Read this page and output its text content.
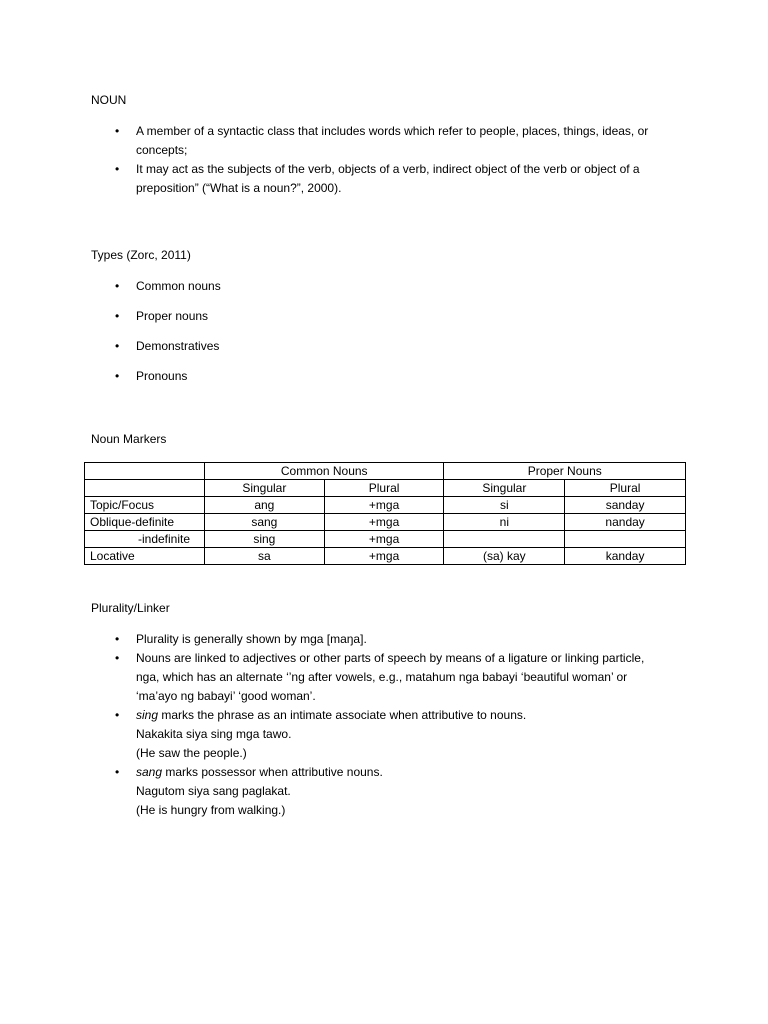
NOUN
• A member of a syntactic class that includes words which refer to people, places, things, ideas, or concepts;
• It may act as the subjects of the verb, objects of a verb, indirect object of the verb or object of a preposition” (“What is a noun?”, 2000).
Types (Zorc, 2011)
• Common nouns
• Proper nouns
• Demonstratives
• Pronouns
Noun Markers
	Common Nouns		Proper Nouns	
	Singular	Plural	Singular	Plural
Topic/Focus	ang	+mga	si	sanday
Oblique-definite	sang	+mga	ni	nanday
-indefinite	sing	+mga		
Locative	sa	+mga	(sa) kay	kanday
Plurality/Linker
• Plurality is generally shown by mga [maŋa].
• Nouns are linked to adjectives or other parts of speech by means of a ligature or linking particle,
nga, which has an alternate ‘’ng after vowels, e.g., matahum nga babayi ‘beautiful woman’ or
‘ma’ayo ng babayi’ ‘good woman’.
• sing marks the phrase as an intimate associate when attributive to nouns.
Nakakita siya sing mga tawo.
(He saw the people.)
• sang marks possessor when attributive nouns.
Nagutom siya sang paglakat.
(He is hungry from walking.)
